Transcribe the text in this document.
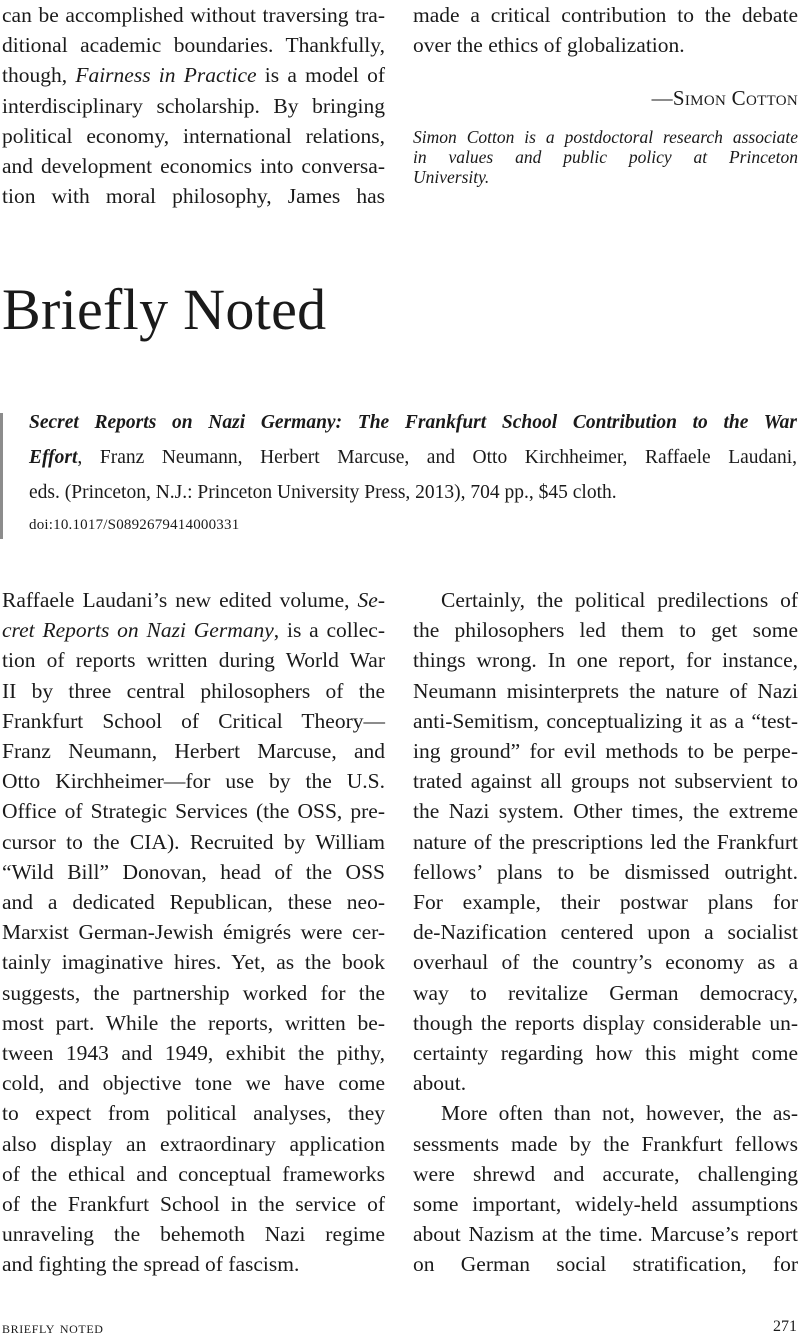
can be accomplished without traversing tra-
ditional academic boundaries. Thankfully,
though, Fairness in Practice is a model of
interdisciplinary scholarship. By bringing
political economy, international relations,
and development economics into conversa-
tion with moral philosophy, James has
made a critical contribution to the debate
over the ethics of globalization.
—Simon Cotton
Simon Cotton is a postdoctoral research associate
in values and public policy at Princeton
University.
Briefly Noted
Secret Reports on Nazi Germany: The Frankfurt School Contribution to the War
Effort, Franz Neumann, Herbert Marcuse, and Otto Kirchheimer, Raffaele Laudani,
eds. (Princeton, N.J.: Princeton University Press, 2013), 704 pp., $45 cloth.
doi:10.1017/S0892679414000331
Raffaele Laudani’s new edited volume, Se-
cret Reports on Nazi Germany, is a collec-
tion of reports written during World War
II by three central philosophers of the
Frankfurt School of Critical Theory—
Franz Neumann, Herbert Marcuse, and
Otto Kirchheimer—for use by the U.S.
Office of Strategic Services (the OSS, pre-
cursor to the CIA). Recruited by William
“Wild Bill” Donovan, head of the OSS
and a dedicated Republican, these neo-
Marxist German-Jewish émigrés were cer-
tainly imaginative hires. Yet, as the book
suggests, the partnership worked for the
most part. While the reports, written be-
tween 1943 and 1949, exhibit the pithy,
cold, and objective tone we have come
to expect from political analyses, they
also display an extraordinary application
of the ethical and conceptual frameworks
of the Frankfurt School in the service of
unraveling the behemoth Nazi regime
and fighting the spread of fascism.
Certainly, the political predilections of
the philosophers led them to get some
things wrong. In one report, for instance,
Neumann misinterprets the nature of Nazi
anti-Semitism, conceptualizing it as a “test-
ing ground” for evil methods to be perpe-
trated against all groups not subservient to
the Nazi system. Other times, the extreme
nature of the prescriptions led the Frankfurt
fellows’ plans to be dismissed outright.
For example, their postwar plans for
de-Nazification centered upon a socialist
overhaul of the country’s economy as a
way to revitalize German democracy,
though the reports display considerable un-
certainty regarding how this might come
about.
More often than not, however, the as-
sessments made by the Frankfurt fellows
were shrewd and accurate, challenging
some important, widely-held assumptions
about Nazism at the time. Marcuse’s report
on German social stratification, for
briefly noted	271
